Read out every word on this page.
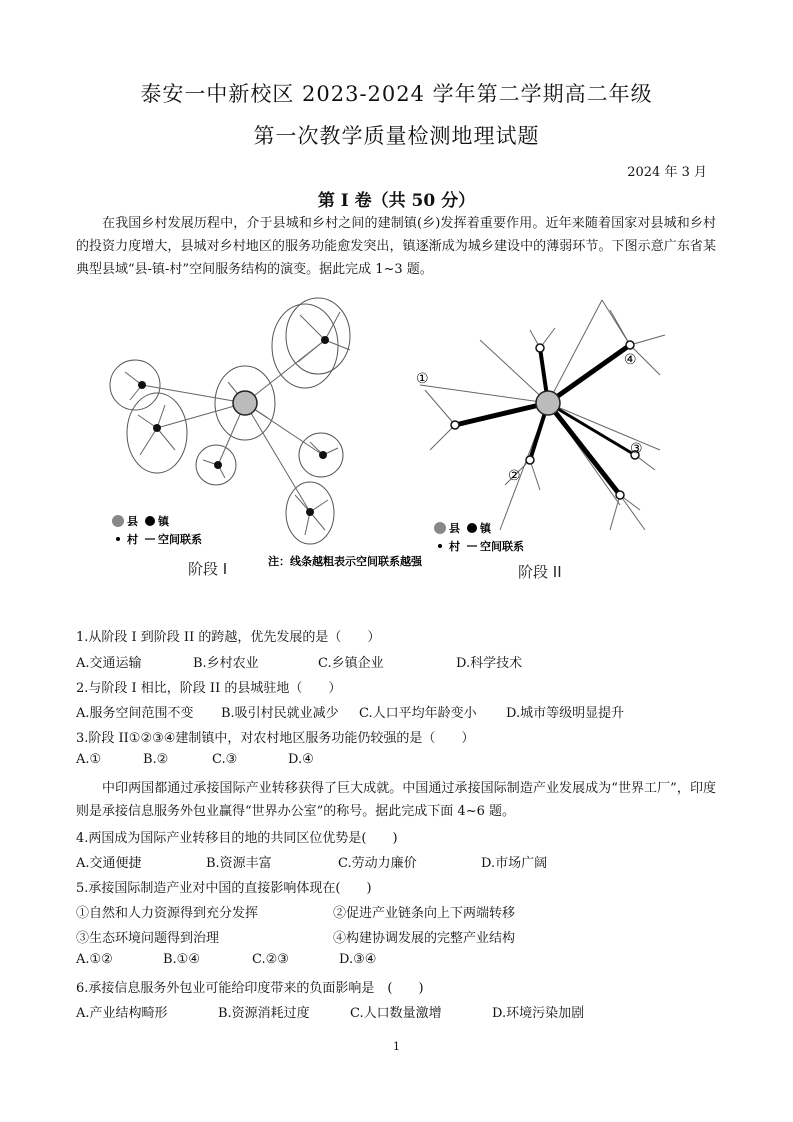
泰安一中新校区 2023-2024 学年第二学期高二年级
第一次教学质量检测地理试题
2024 年 3 月
第 I 卷（共 50 分）
在我国乡村发展历程中，介于县城和乡村之间的建制镇(乡)发挥着重要作用。近年来随着国家对县城和乡村的投资力度增大，县城对乡村地区的服务功能愈发突出，镇逐渐成为城乡建设中的薄弱环节。下图示意广东省某典型县域“县-镇-村”空间服务结构的演变。据此完成 1~3 题。
①
②
③
④
县 镇
村 空间联系
注：线条越粗表示空间联系越强
县 镇
村 空间联系
阶段 I	阶段 II
1.从阶段 I 到阶段 II 的跨越，优先发展的是（　　）
A.交通运输	B.乡村农业	C.乡镇企业	D.科学技术
2.与阶段 I 相比，阶段 II 的县城驻地（　　）
A.服务空间范围不变 B.吸引村民就业减少 C.人口平均年龄变小 D.城市等级明显提升
3.阶段 II①②③④建制镇中，对农村地区服务功能仍较强的是（　　）
A.①	B.②	C.③	D.④
中印两国都通过承接国际产业转移获得了巨大成就。中国通过承接国际制造产业发展成为“世界工厂”，印度则是承接信息服务外包业赢得“世界办公室”的称号。据此完成下面 4~6 题。
4.两国成为国际产业转移目的地的共同区位优势是(　　)
A.交通便捷	B.资源丰富	C.劳动力廉价	D.市场广阔
5.承接国际制造产业对中国的直接影响体现在(　　)
①自然和人力资源得到充分发挥	②促进产业链条向上下两端转移
③生态环境问题得到治理	④构建协调发展的完整产业结构
A.①②	B.①④	C.②③	D.③④
6.承接信息服务外包业可能给印度带来的负面影响是　(　　)
A.产业结构畸形	B.资源消耗过度	C.人口数量激增	D.环境污染加剧
1
